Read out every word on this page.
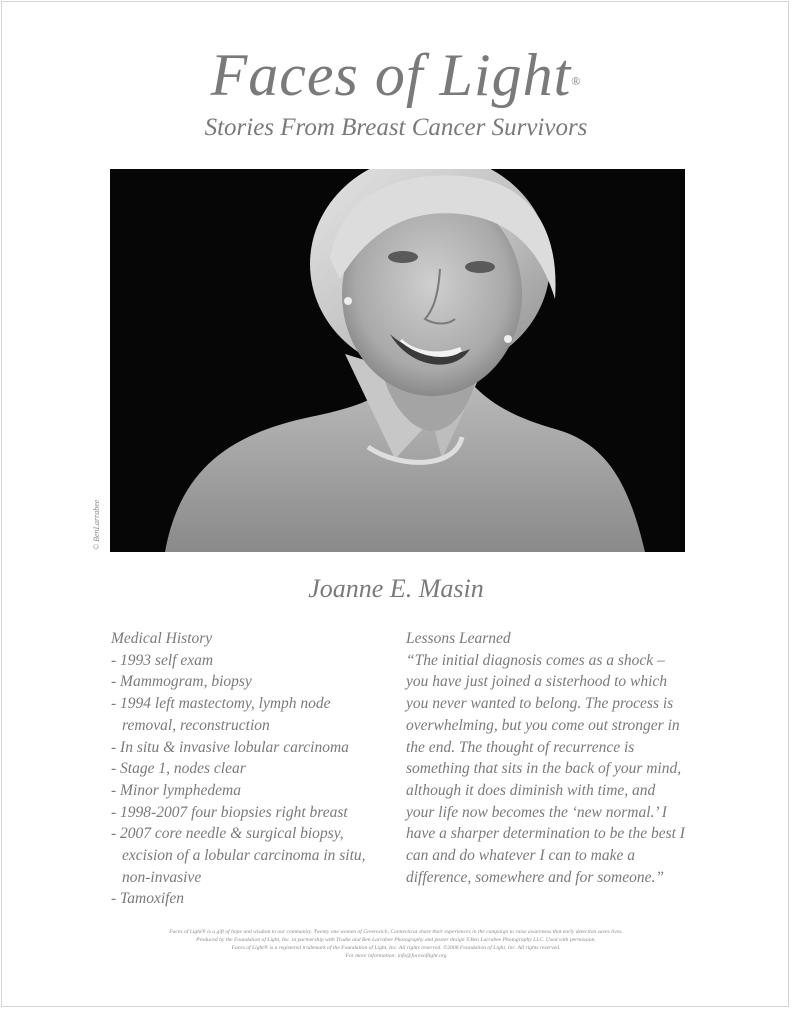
Faces of Light®
Stories From Breast Cancer Survivors
© BenLarrabee
Joanne E. Masin
Medical History
- 1993 self exam
- Mammogram, biopsy
- 1994 left mastectomy, lymph node removal, reconstruction
- In situ & invasive lobular carcinoma
- Stage 1, nodes clear
- Minor lymphedema
- 1998-2007 four biopsies right breast
- 2007 core needle & surgical biopsy, excision of a lobular carcinoma in situ, non-invasive
- Tamoxifen
Lessons Learned

“The initial diagnosis comes as a shock – you have just joined a sisterhood to which you never wanted to belong. The process is overwhelming, but you come out stronger in the end. The thought of recurrence is something that sits in the back of your mind, although it does diminish with time, and your life now becomes the ‘new normal.’ I have a sharper determination to be the best I can and do whatever I can to make a difference, somewhere and for someone.”

Faces of Light® is a gift of hope and wisdom to our community. Twenty one women of Greenwich, Connecticut share their experiences in the campaign to raise awareness that early detection saves lives.
Produced by the Foundation of Light, Inc. in partnership with Trudie and Ben Larrabee Photography and poster design ©Ben Larrabee Photography LLC. Used with permission.
Faces of Light® is a registered trademark of the Foundation of Light, Inc. All rights reserved. ©2008 Foundation of Light, Inc. All rights reserved.
For more information: info@facesoflight.org
